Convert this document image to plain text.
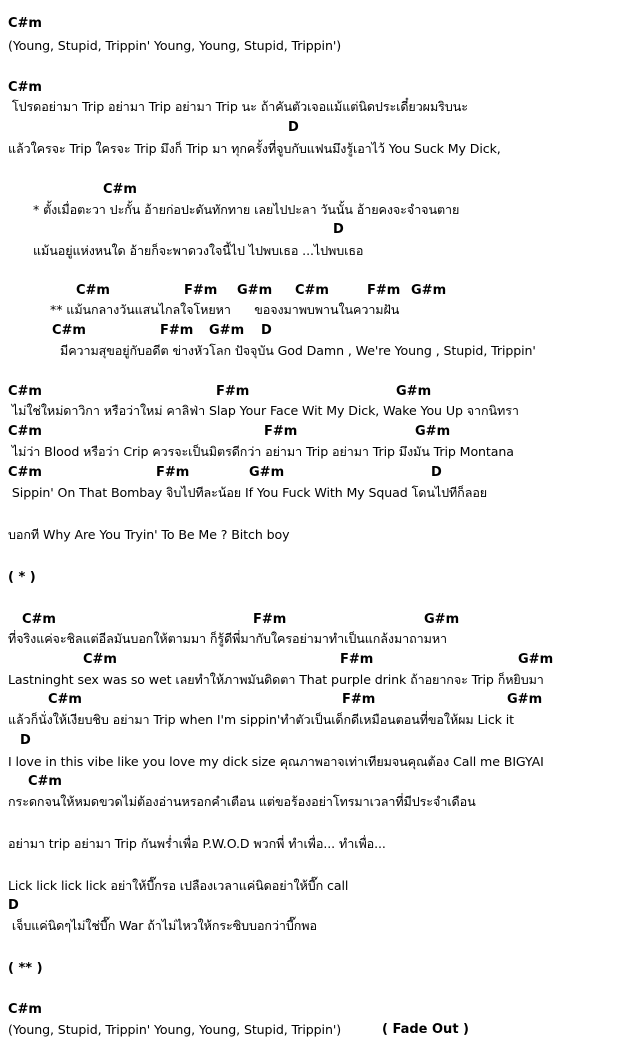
C#m
(Young, Stupid, Trippin' Young, Young, Stupid, Trippin')
C#m
โปรดอย่ามา Trip อย่ามา Trip อย่ามา Trip นะ ถ้าคันตัวเจอแม้แต่นิดประเดี๋ยวผมริบนะ
D
แล้วใครจะ Trip ใครจะ Trip มึงก็ Trip มา ทุกครั้งที่จูบกับแฟนมึงรู้เอาไว้ You Suck My Dick,
C#m
* ตั้งเมื่อตะวา ปะกั้น อ้ายก่อปะดันทักทาย เลยไปปะลา วันนั้น อ้ายคงจะจำจนตาย
D
แม้นอยู่แห่งหนใด อ้ายก็จะพาดวงใจนี้ไป ไปพบเธอ ...ไปพบเธอ
C#m	F#m G#m C#m	F#m G#m
** แม้นกลางวันแสนไกลใจโหยหา      ขอจงมาพบพานในความฝัน
C#m	F#m G#m D
มีความสุขอยู่กับอดีต ข่างหัวโลก ปัจจุบัน God Damn , We're Young , Stupid, Trippin'
C#m	F#m	G#m
ไม่ใช่ใหม่ดาวิกา หรือว่าใหม่ คาลิฟ่า Slap Your Face Wit My Dick, Wake You Up จากนิทรา
C#m	F#m	G#m
ไม่ว่า Blood หรือว่า Crip ควรจะเป็นมิตรดีกว่า อย่ามา Trip อย่ามา Trip มึงมัน Trip Montana
C#m	F#m	G#m	D
Sippin' On That Bombay จิบไปทีละน้อย If You Fuck With My Squad โดนไปทีก็ลอย
บอกที Why Are You Tryin' To Be Me ? Bitch boy
( * )
C#m	F#m	G#m
ที่จริงแค่จะชิลแต่อีลมันบอกให้ตามมา ก็รู้ดีพี่มากับใครอย่ามาทำเป็นแกล้งมาถามหา
C#m	F#m	G#m
Lastninght sex was so wet เลยทำให้ภาพมันดิดตา That purple drink ถ้าอยากจะ Trip ก็หยิบมา
C#m	F#m	G#m
แล้วก็นั่งให้เงียบชิบ อย่ามา Trip when I'm sippin'ทำตัวเป็นเด็กดีเหมือนตอนที่ขอให้ผม Lick it
D
I love in this vibe like you love my dick size คุณภาพอาจเท่าเทียมจนคุณต้อง Call me BIGYAI
C#m
กระดกจนให้หมดขวดไม่ต้องอ่านหรอกคำเตือน แต่ขอร้องอย่าโทรมาเวลาที่มีประจำเดือน
อย่ามา trip อย่ามา Trip กันพร่ำเพื่อ P.W.O.D พวกพี่ ทำเพื่อ... ทำเพื่อ...
Lick lick lick lick อย่าให้บี๊กรอ เปลืองเวลาแค่นิดอย่าให้บี๊ก call
D
เจ็บแค่นิดๆไม่ใช่บี๊ก War ถ้าไม่ไหวให้กระซิบบอกว่าบี๊กพอ
( ** )
C#m
(Young, Stupid, Trippin' Young, Young, Stupid, Trippin')	( Fade Out )
